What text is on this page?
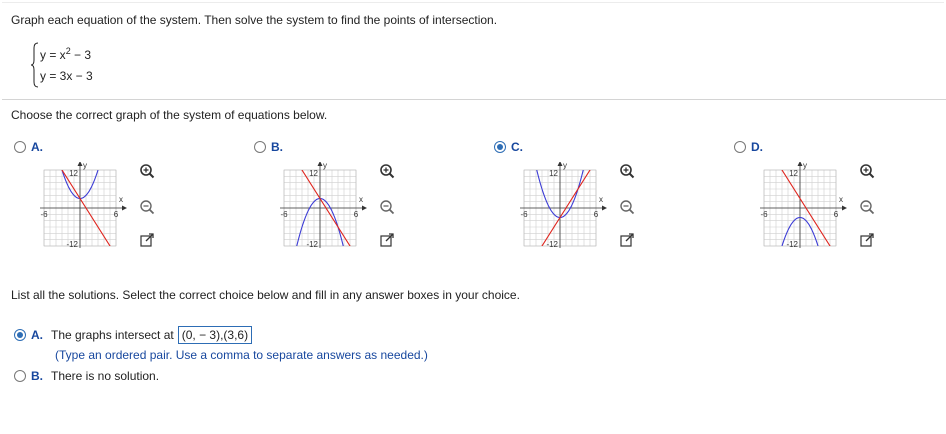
Graph each equation of the system. Then solve the system to find the points of intersection.
$y = x^2 - 3$
y = 3x − 3
Choose the correct graph of the system of equations below.
A.	B.	C.	D.
y
x
12
-12
-6	6
y
x
12
-12
-6	6
y
x
12
-12
-6	6
y
x
12
-12
-6	6
List all the solutions. Select the correct choice below and fill in any answer boxes in your choice.
A. The graphs intersect at (0, − 3),(3,6)
(Type an ordered pair. Use a comma to separate answers as needed.)
B. There is no solution.
